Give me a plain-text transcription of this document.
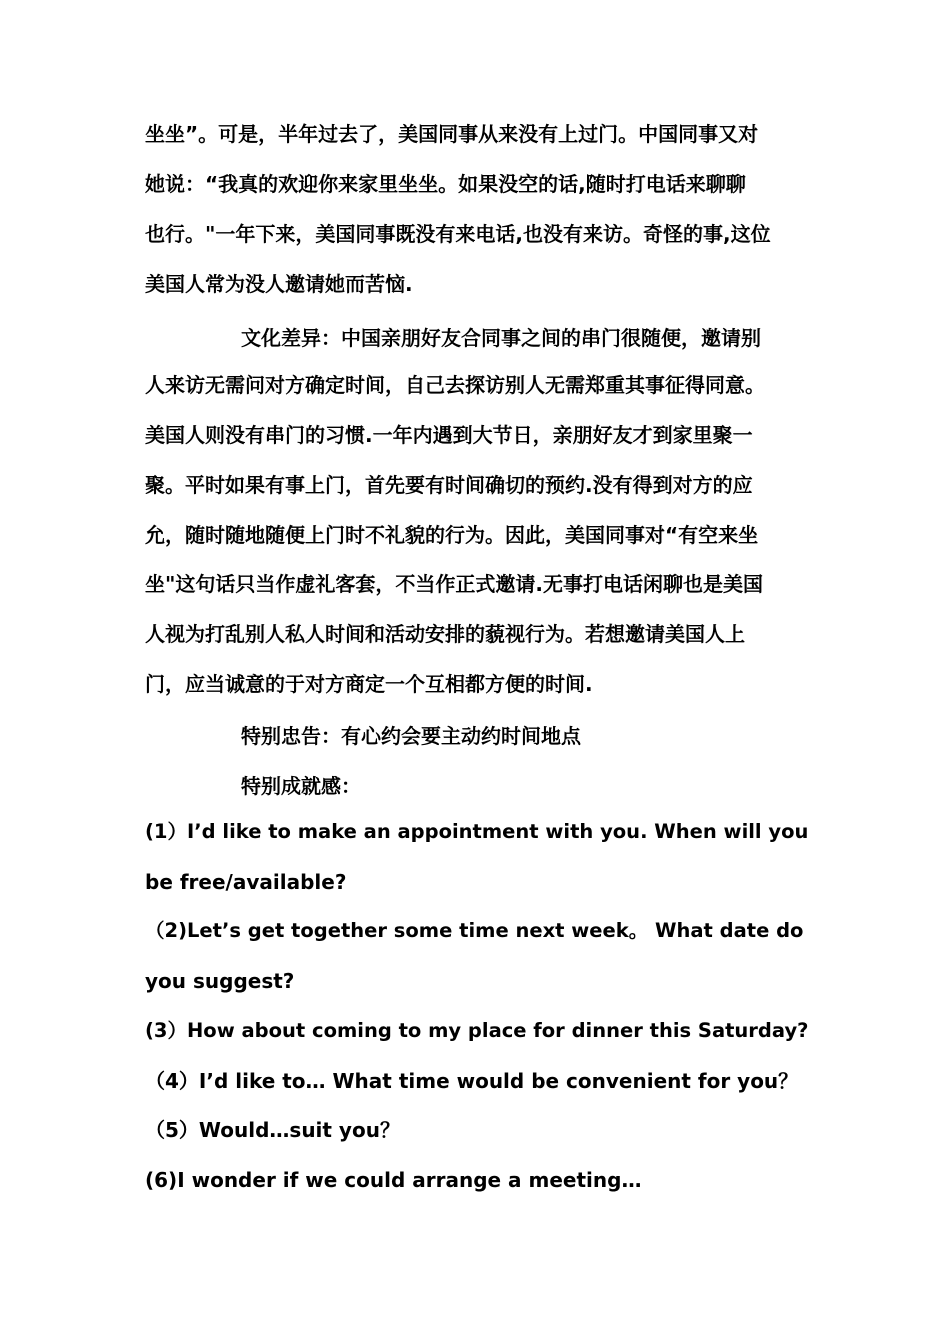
坐坐”。可是，半年过去了，美国同事从来没有上过门。中国同事又对
她说：“我真的欢迎你来家里坐坐。如果没空的话,随时打电话来聊聊
也行。"一年下来，美国同事既没有来电话,也没有来访。奇怪的事,这位
美国人常为没人邀请她而苦恼.
文化差异：中国亲朋好友合同事之间的串门很随便，邀请别
人来访无需问对方确定时间，自己去探访别人无需郑重其事征得同意。
美国人则没有串门的习惯.一年内遇到大节日，亲朋好友才到家里聚一
聚。平时如果有事上门，首先要有时间确切的预约.没有得到对方的应
允，随时随地随便上门时不礼貌的行为。因此，美国同事对“有空来坐
坐"这句话只当作虚礼客套，不当作正式邀请.无事打电话闲聊也是美国
人视为打乱别人私人时间和活动安排的藐视行为。若想邀请美国人上
门，应当诚意的于对方商定一个互相都方便的时间.
特别忠告：有心约会要主动约时间地点
特别成就感：
(1）I’d like to make an appointment with you. When will you
be free/available?
（2)Let’s get together some time next week。 What date do
you suggest?
(3）How about coming to my place for dinner this Saturday?
（4）I’d like to… What time would be convenient for you？
（5）Would…suit you？
(6)I wonder if we could arrange a meeting…
